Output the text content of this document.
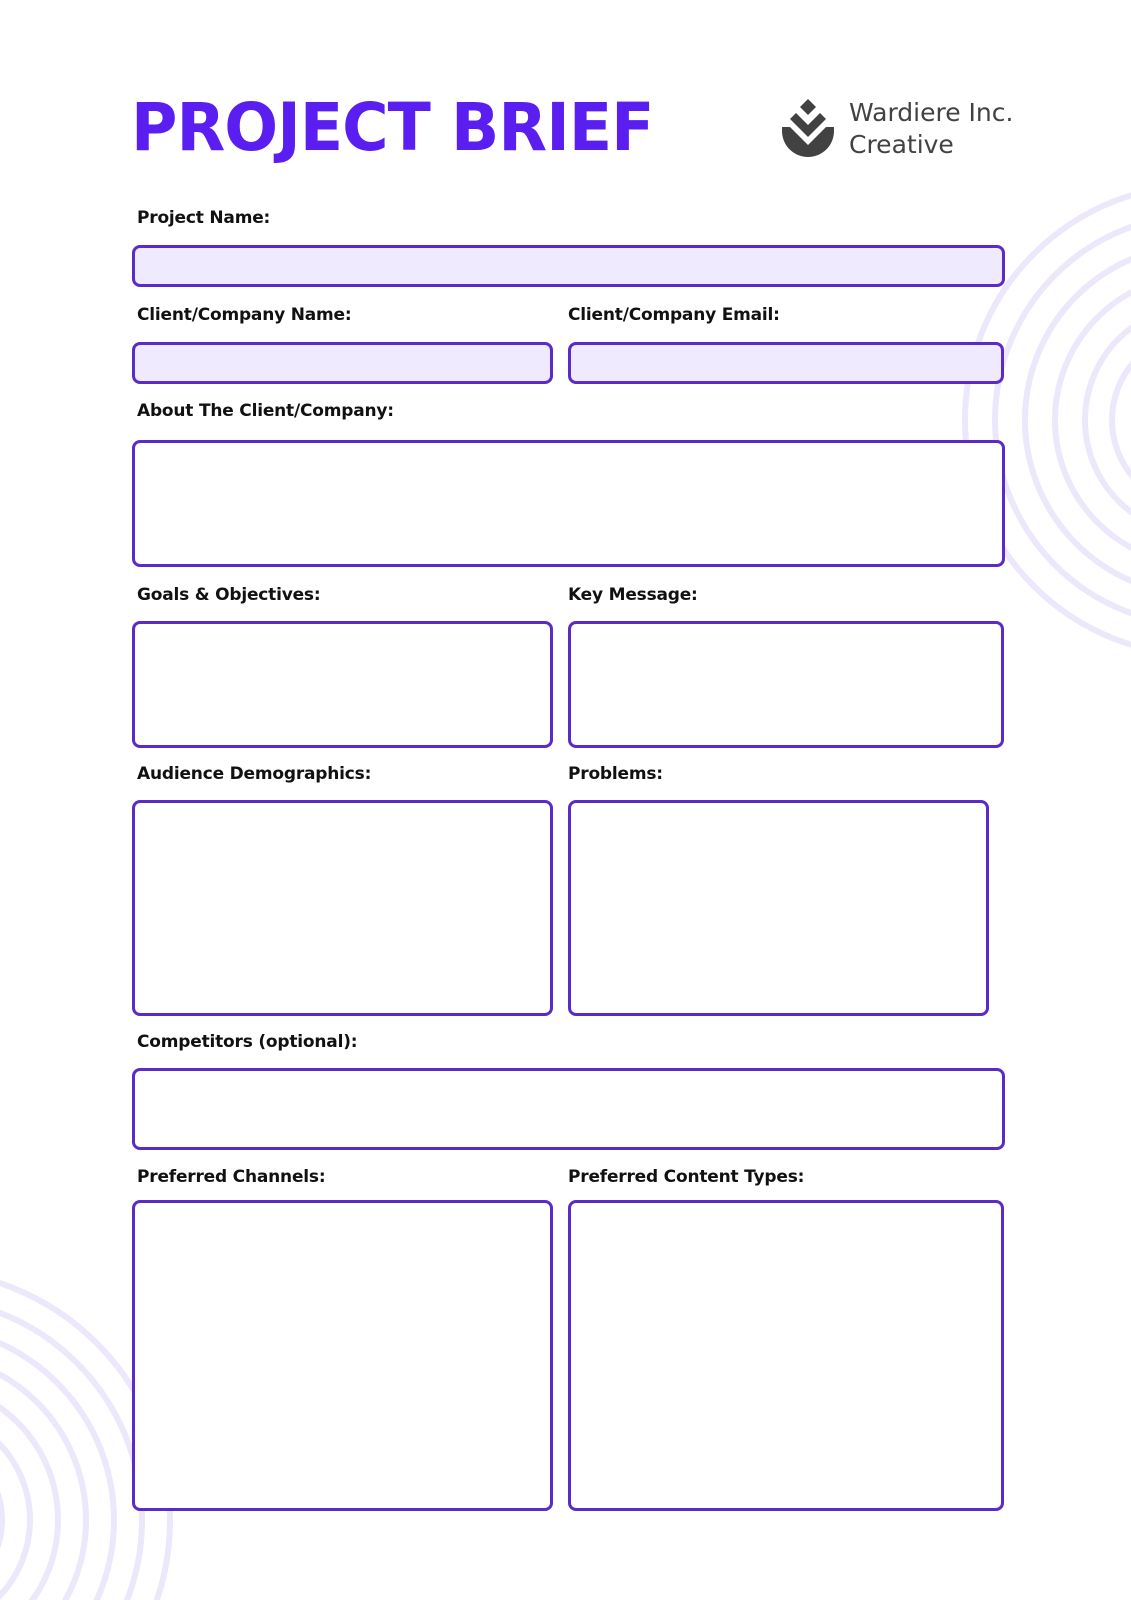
PROJECT BRIEF	Wardiere Inc.
Creative
Project Name:
Client/Company Name:	Client/Company Email:
About The Client/Company:
Goals & Objectives:	Key Message:
Audience Demographics:	Problems:
Competitors (optional):
Preferred Channels:	Preferred Content Types:
